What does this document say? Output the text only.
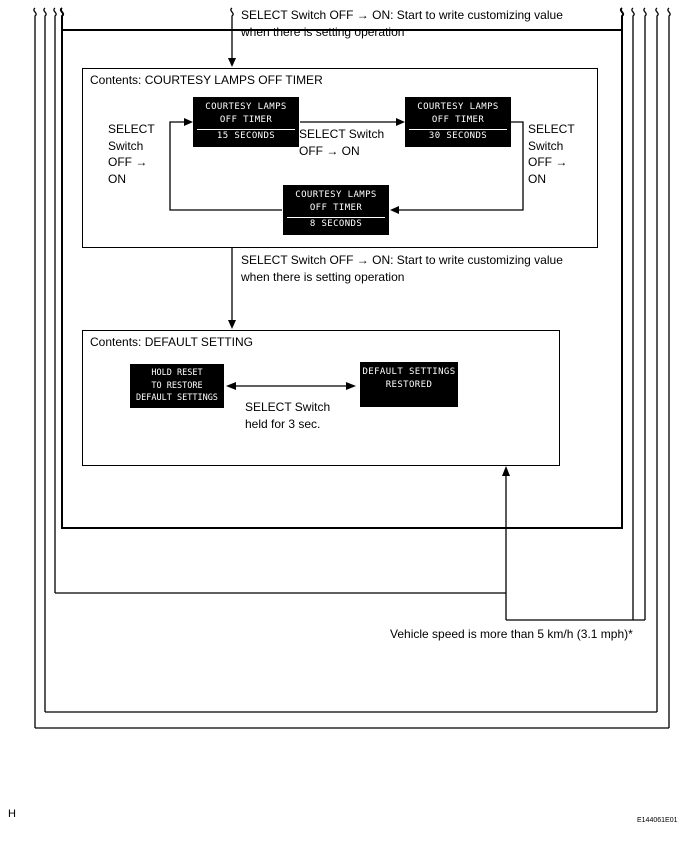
SELECT Switch OFF → ON: Start to write customizing value
when there is setting operation
Contents: COURTESY LAMPS OFF TIMER
COURTESY LAMPS
OFF TIMER
15 SECONDS
COURTESY LAMPS
OFF TIMER
30 SECONDS
COURTESY LAMPS
OFF TIMER
8 SECONDS
SELECT
Switch
OFF →
ON
SELECT Switch
OFF → ON
SELECT
Switch
OFF →
ON
SELECT Switch OFF → ON: Start to write customizing value
when there is setting operation
Contents: DEFAULT SETTING
HOLD RESET
TO RESTORE
DEFAULT SETTINGS
DEFAULT SETTINGS
RESTORED
SELECT Switch
held for 3 sec.
Vehicle speed is more than 5 km/h (3.1 mph)*
H
E144061E01
